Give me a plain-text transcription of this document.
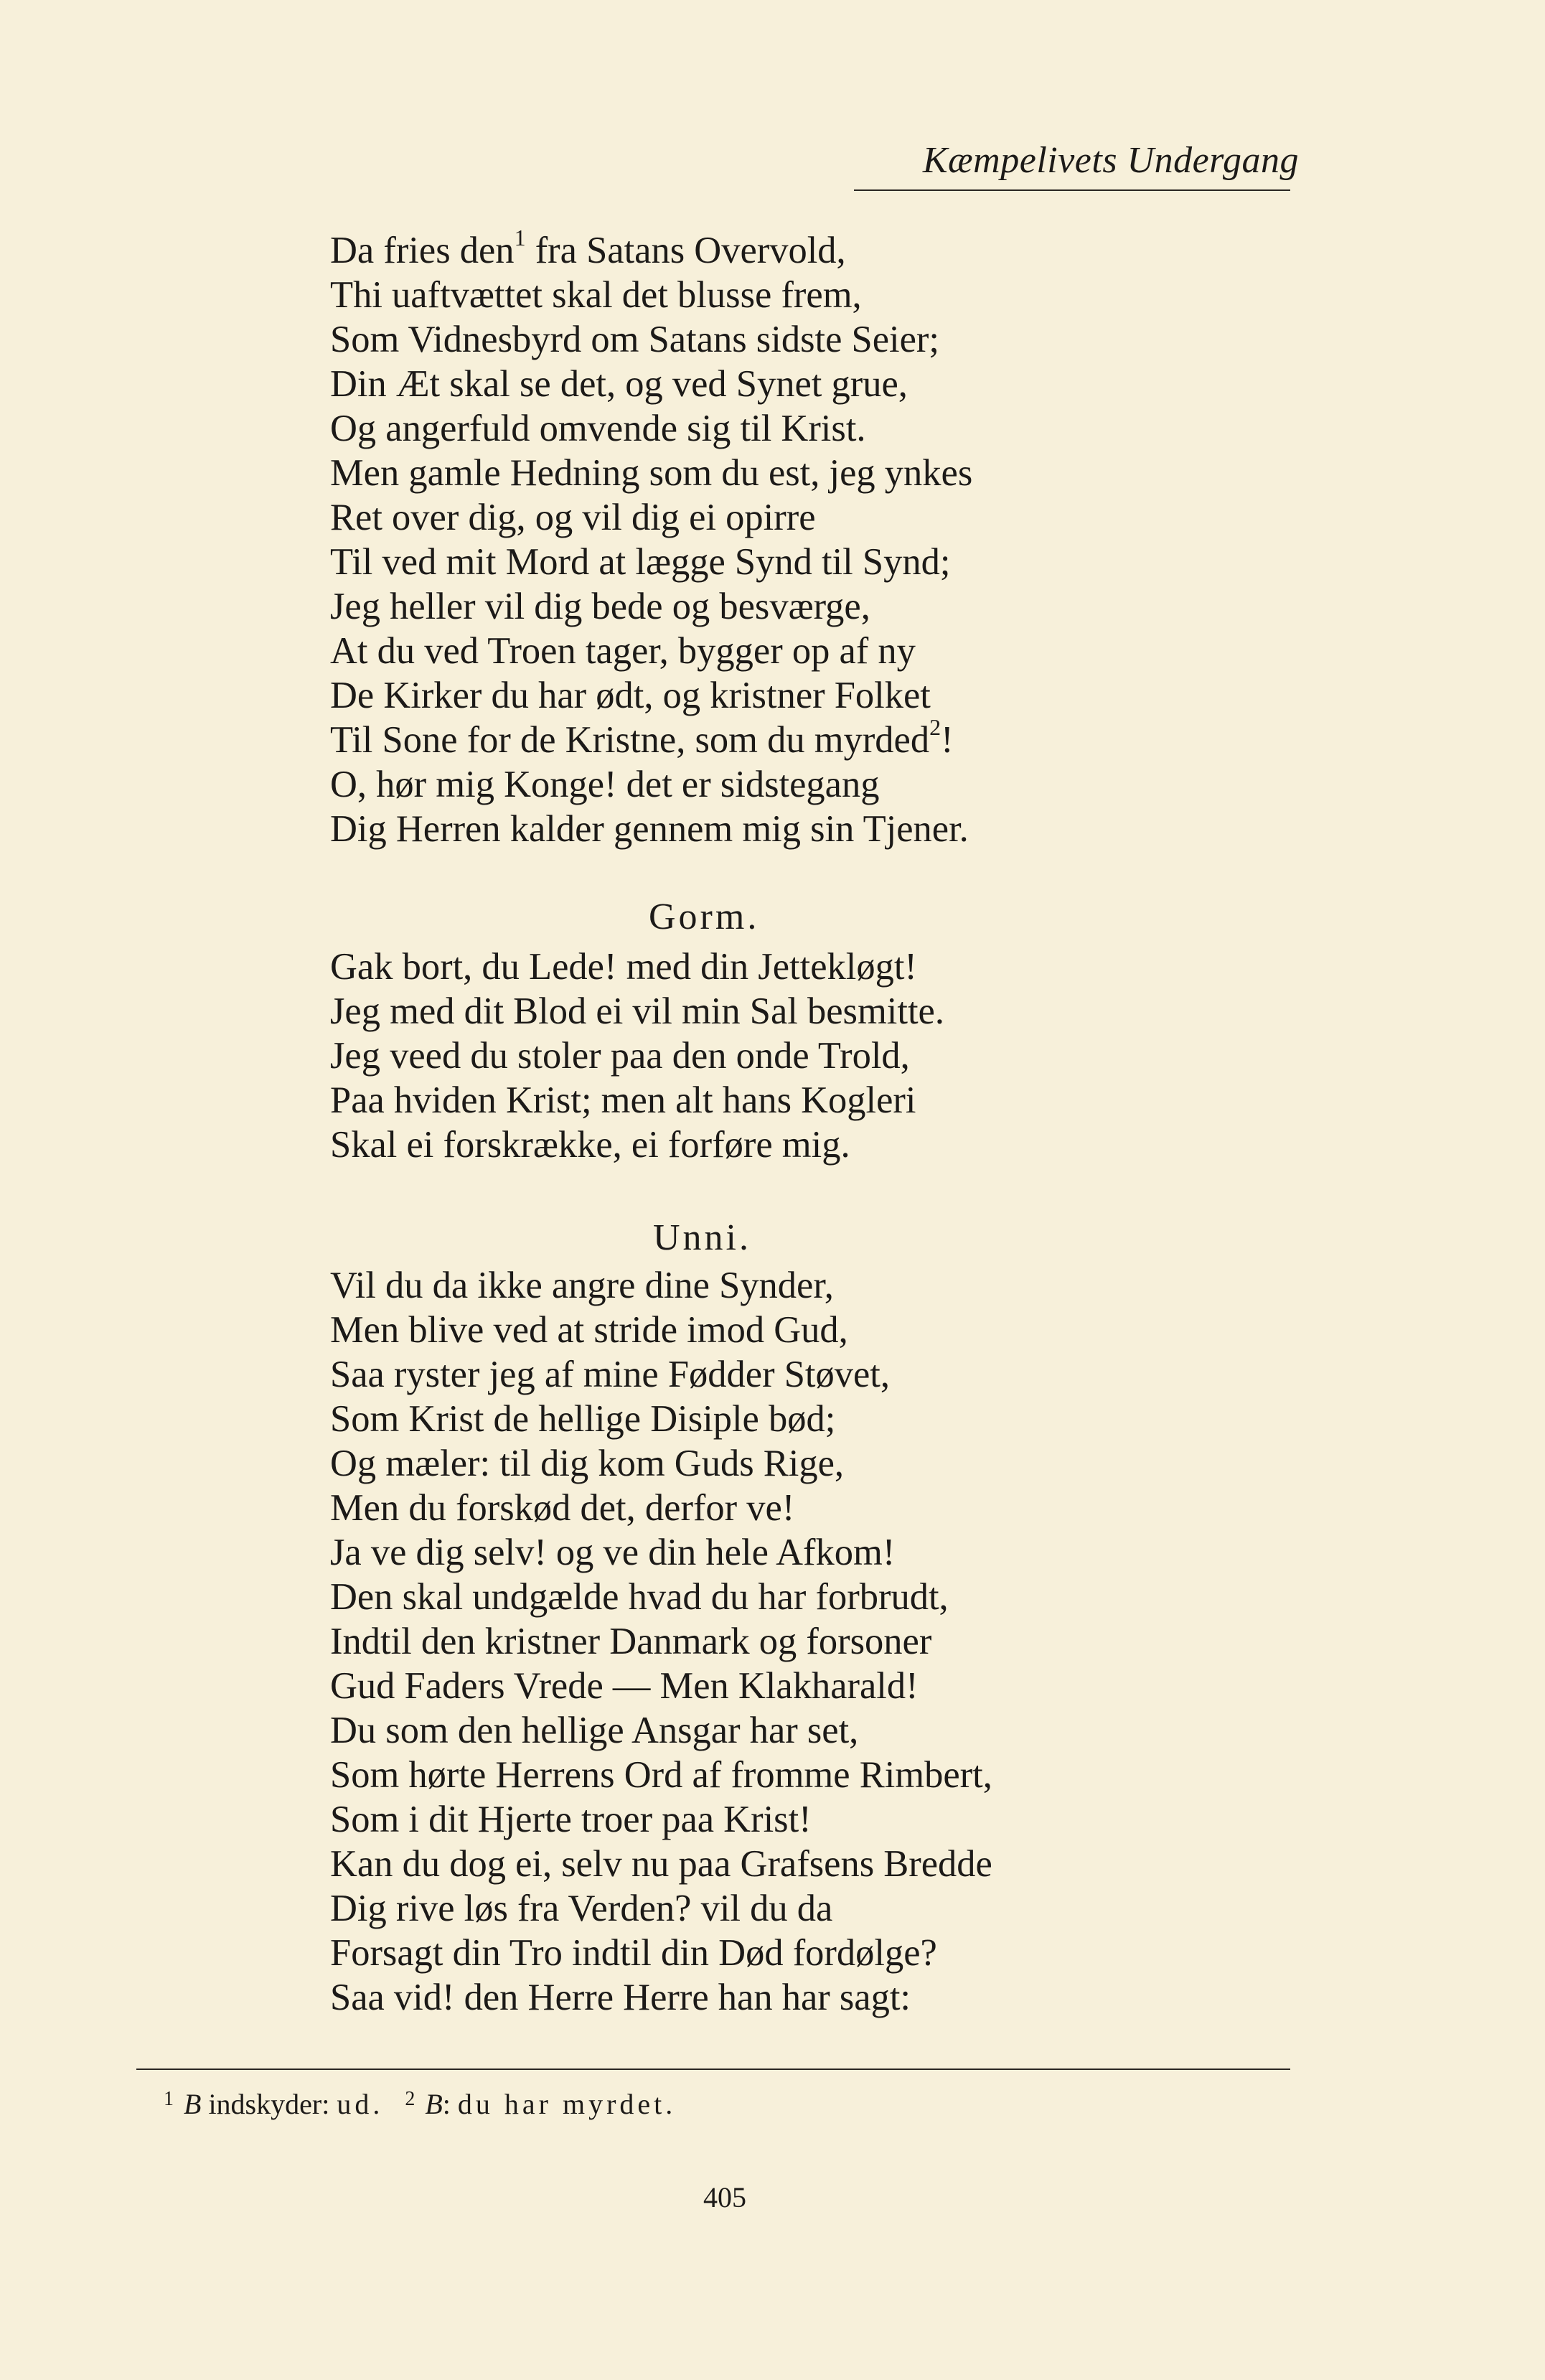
Kæmpelivets Undergang
Da fries den$^1$ fra Satans Overvold,
Thi uaftvættet skal det blusse frem,
Som Vidnesbyrd om Satans sidste Seier;
Din Æt skal se det, og ved Synet grue,
Og angerfuld omvende sig til Krist.
Men gamle Hedning som du est, jeg ynkes
Ret over dig, og vil dig ei opirre
Til ved mit Mord at lægge Synd til Synd;
Jeg heller vil dig bede og besværge,
At du ved Troen tager, bygger op af ny
De Kirker du har ødt, og kristner Folket
Til Sone for de Kristne, som du myrded$^2$!
O, hør mig Konge! det er sidstegang
Dig Herren kalder gennem mig sin Tjener.
Gorm.
Gak bort, du Lede! med din Jettekløgt!
Jeg med dit Blod ei vil min Sal besmitte.
Jeg veed du stoler paa den onde Trold,
Paa hviden Krist; men alt hans Kogleri
Skal ei forskrække, ei forføre mig.
Unni.
Vil du da ikke angre dine Synder,
Men blive ved at stride imod Gud,
Saa ryster jeg af mine Fødder Støvet,
Som Krist de hellige Disiple bød;
Og mæler: til dig kom Guds Rige,
Men du forskød det, derfor ve!
Ja ve dig selv! og ve din hele Afkom!
Den skal undgælde hvad du har forbrudt,
Indtil den kristner Danmark og forsoner
Gud Faders Vrede — Men Klakharald!
Du som den hellige Ansgar har set,
Som hørte Herrens Ord af fromme Rimbert,
Som i dit Hjerte troer paa Krist!
Kan du dog ei, selv nu paa Grafsens Bredde
Dig rive løs fra Verden? vil du da
Forsagt din Tro indtil din Død fordølge?
Saa vid! den Herre Herre han har sagt:
$^1$ B indskyder: ud. $^2$ B: du har myrdet.
405
